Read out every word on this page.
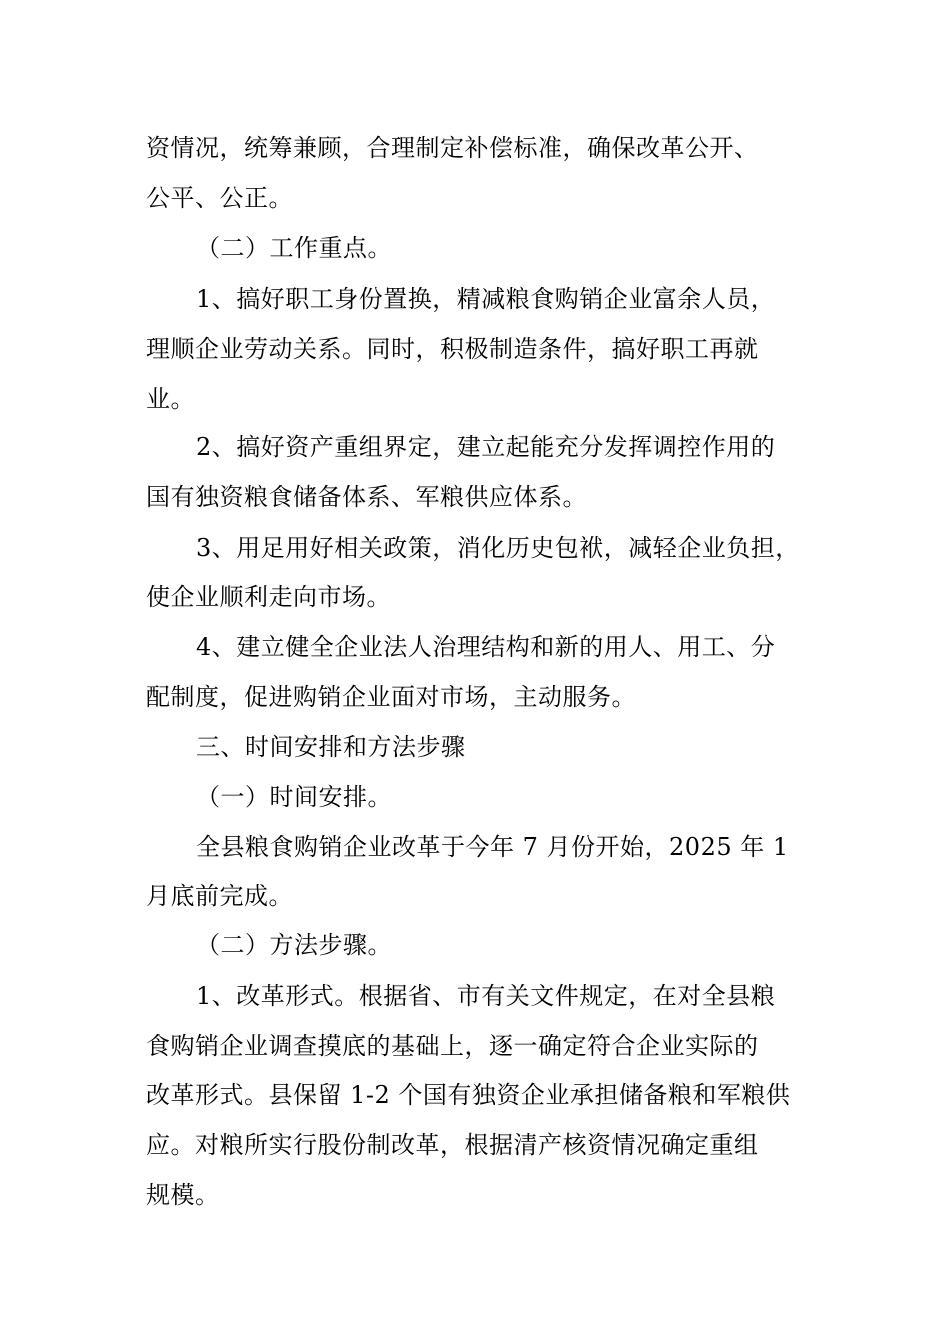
资情况，统筹兼顾，合理制定补偿标准，确保改革公开、
公平、公正。
（二）工作重点。
1、搞好职工身份置换，精减粮食购销企业富余人员，
理顺企业劳动关系。同时，积极制造条件，搞好职工再就
业。
2、搞好资产重组界定，建立起能充分发挥调控作用的
国有独资粮食储备体系、军粮供应体系。
3、用足用好相关政策，消化历史包袱，减轻企业负担，
使企业顺利走向市场。
4、建立健全企业法人治理结构和新的用人、用工、分
配制度，促进购销企业面对市场，主动服务。
三、时间安排和方法步骤
（一）时间安排。
全县粮食购销企业改革于今年 7 月份开始，2025 年 1
月底前完成。
（二）方法步骤。
1、改革形式。根据省、市有关文件规定，在对全县粮
食购销企业调查摸底的基础上，逐一确定符合企业实际的
改革形式。县保留 1-2 个国有独资企业承担储备粮和军粮供
应。对粮所实行股份制改革，根据清产核资情况确定重组
规模。
